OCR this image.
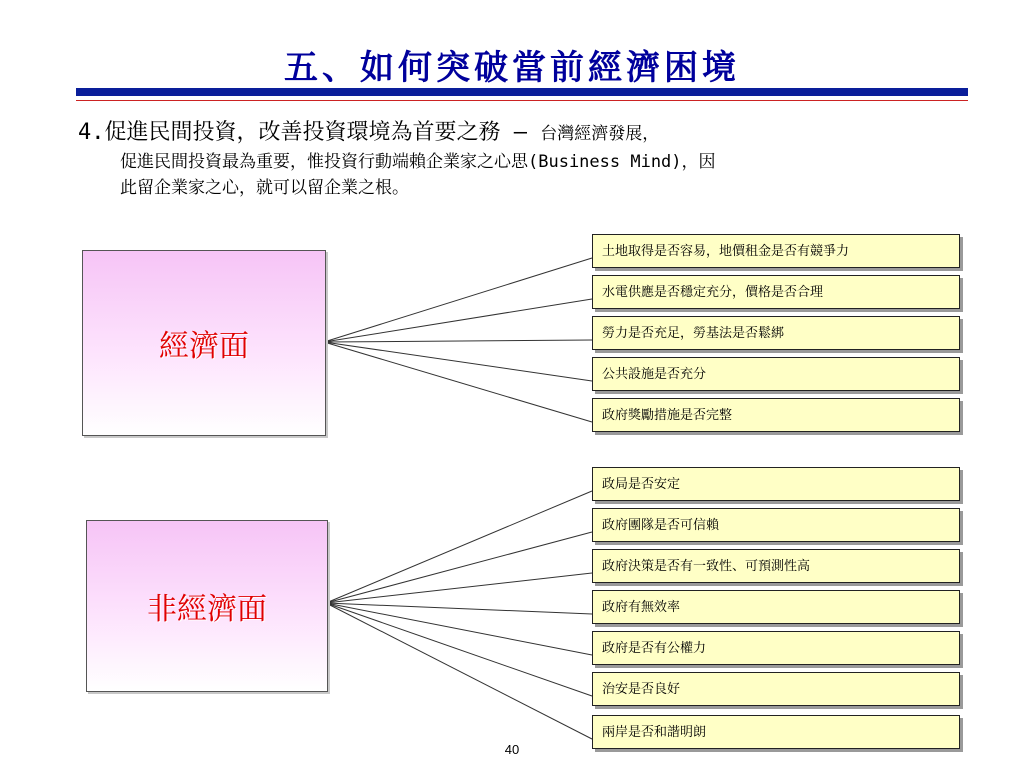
五、如何突破當前經濟困境
4.促進民間投資，改善投資環境為首要之務 — 台灣經濟發展，
促進民間投資最為重要，惟投資行動端賴企業家之心思(Business Mind)，因
此留企業家之心，就可以留企業之根。
經濟面
非經濟面
土地取得是否容易，地價租金是否有競爭力
水電供應是否穩定充分，價格是否合理
勞力是否充足，勞基法是否鬆綁
公共設施是否充分
政府獎勵措施是否完整
政局是否安定
政府團隊是否可信賴
政府決策是否有一致性、可預測性高
政府有無效率
政府是否有公權力
治安是否良好
兩岸是否和諧明朗
40
